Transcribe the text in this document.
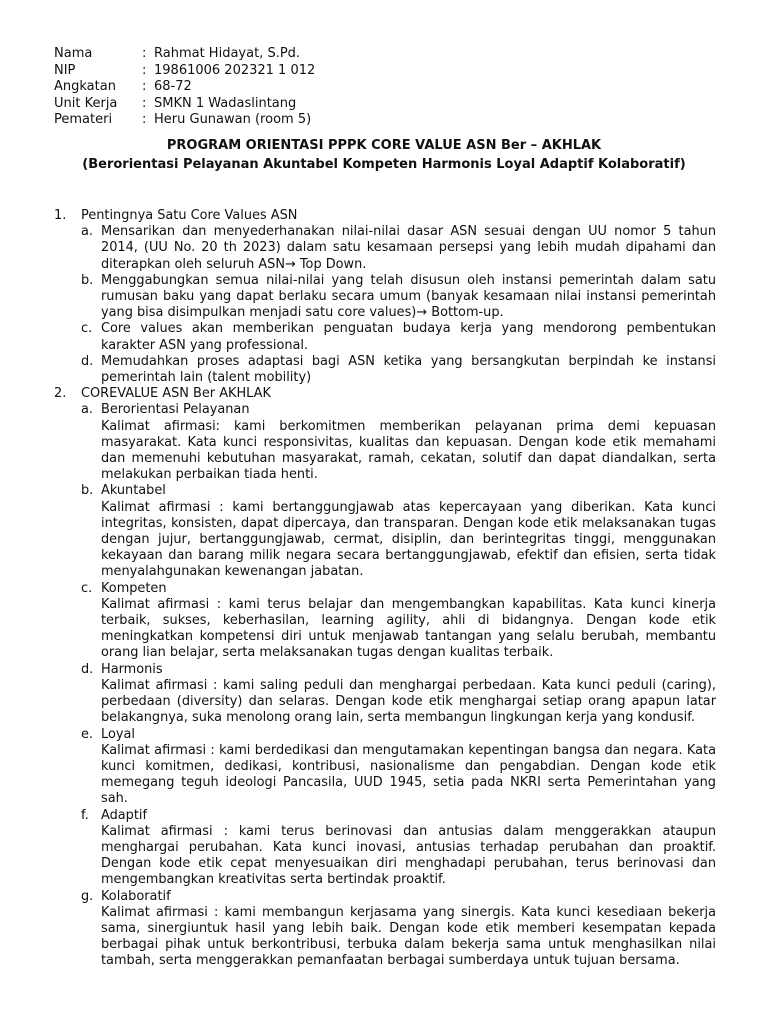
Nama	: Rahmat Hidayat, S.Pd.
NIP	: 19861006 202321 1 012
Angkatan	: 68-72
Unit Kerja	: SMKN 1 Wadaslintang
Pemateri	: Heru Gunawan (room 5)
PROGRAM ORIENTASI PPPK CORE VALUE ASN Ber – AKHLAK
(Berorientasi Pelayanan Akuntabel Kompeten Harmonis Loyal Adaptif Kolaboratif)
1. Pentingnya Satu Core Values ASN
a. Mensarikan dan menyederhanakan nilai-nilai dasar ASN sesuai dengan UU nomor 5 tahun 2014, (UU No. 20 th 2023) dalam satu kesamaan persepsi yang lebih mudah dipahami dan diterapkan oleh seluruh ASN→ Top Down.
b. Menggabungkan semua nilai-nilai yang telah disusun oleh instansi pemerintah dalam satu rumusan baku yang dapat berlaku secara umum (banyak kesamaan nilai instansi pemerintah yang bisa disimpulkan menjadi satu core values)→ Bottom-up.
c. Core values akan memberikan penguatan budaya kerja yang mendorong pembentukan karakter ASN yang professional.
d. Memudahkan proses adaptasi bagi ASN ketika yang bersangkutan berpindah ke instansi pemerintah lain (talent mobility)
2. COREVALUE ASN Ber AKHLAK
a. Berorientasi Pelayanan
Kalimat afirmasi: kami berkomitmen memberikan pelayanan prima demi kepuasan masyarakat. Kata kunci responsivitas, kualitas dan kepuasan. Dengan kode etik memahami dan memenuhi kebutuhan masyarakat, ramah, cekatan, solutif dan dapat diandalkan, serta melakukan perbaikan tiada henti.
b. Akuntabel
Kalimat afirmasi : kami bertanggungjawab atas kepercayaan yang diberikan. Kata kunci integritas, konsisten, dapat dipercaya, dan transparan. Dengan kode etik melaksanakan tugas dengan jujur, bertanggungjawab, cermat, disiplin, dan berintegritas tinggi, menggunakan kekayaan dan barang milik negara secara bertanggungjawab, efektif dan efisien, serta tidak menyalahgunakan kewenangan jabatan.
c. Kompeten
Kalimat afirmasi : kami terus belajar dan mengembangkan kapabilitas. Kata kunci kinerja terbaik, sukses, keberhasilan, learning agility, ahli di bidangnya. Dengan kode etik meningkatkan kompetensi diri untuk menjawab tantangan yang selalu berubah, membantu orang lian belajar, serta melaksanakan tugas dengan kualitas terbaik.
d. Harmonis
Kalimat afirmasi : kami saling peduli dan menghargai perbedaan. Kata kunci peduli (caring), perbedaan (diversity) dan selaras. Dengan kode etik menghargai setiap orang apapun latar belakangnya, suka menolong orang lain, serta membangun lingkungan kerja yang kondusif.
e. Loyal
Kalimat afirmasi : kami berdedikasi dan mengutamakan kepentingan bangsa dan negara. Kata kunci komitmen, dedikasi, kontribusi, nasionalisme dan pengabdian. Dengan kode etik memegang teguh ideologi Pancasila, UUD 1945, setia pada NKRI serta Pemerintahan yang sah.
f. Adaptif
Kalimat afirmasi : kami terus berinovasi dan antusias dalam menggerakkan ataupun menghargai perubahan. Kata kunci inovasi, antusias terhadap perubahan dan proaktif. Dengan kode etik cepat menyesuaikan diri menghadapi perubahan, terus berinovasi dan mengembangkan kreativitas serta bertindak proaktif.
g. Kolaboratif
Kalimat afirmasi : kami membangun kerjasama yang sinergis. Kata kunci kesediaan bekerja sama, sinergiuntuk hasil yang lebih baik. Dengan kode etik memberi kesempatan kepada berbagai pihak untuk berkontribusi, terbuka dalam bekerja sama untuk menghasilkan nilai tambah, serta menggerakkan pemanfaatan berbagai sumberdaya untuk tujuan bersama.
